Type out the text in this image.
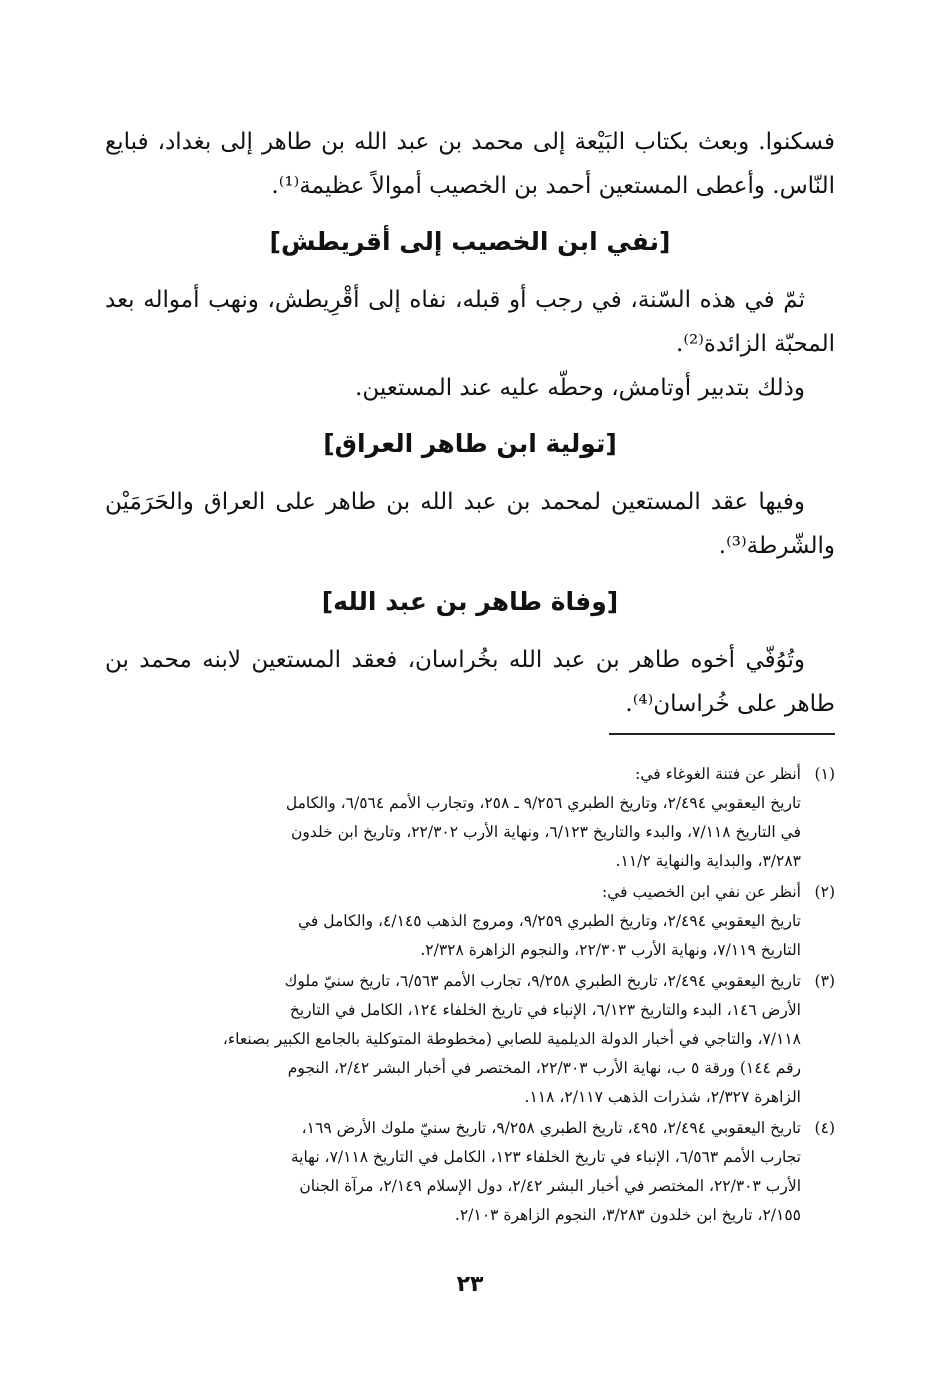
فسكنوا. وبعث بكتاب البَيْعة إلى محمد بن عبد الله بن طاهر إلى بغداد، فبايع النّاس. وأعطى المستعين أحمد بن الخصيب أموالاً عظيمة⁽¹⁾.

[نفي ابن الخصيب إلى أقريطش]

ثمّ في هذه السّنة، في رجب أو قبله، نفاه إلى أقْرِيطش، ونهب أمواله بعد المحبّة الزائدة⁽²⁾.

وذلك بتدبير أوتامش، وحطّه عليه عند المستعين.

[تولية ابن طاهر العراق]

وفيها عقد المستعين لمحمد بن عبد الله بن طاهر على العراق والحَرَمَيْن والشّرطة⁽³⁾.

[وفاة طاهر بن عبد الله]

وتُوُفّي أخوه طاهر بن عبد الله بخُراسان، فعقد المستعين لابنه محمد بن طاهر على خُراسان⁽⁴⁾.

(١)
أنظر عن فتنة الغوغاء في:
تاريخ اليعقوبي ٢/٤٩٤، وتاريخ الطبري ٩/٢٥٦ ـ ٢٥٨، وتجارب الأمم ٦/٥٦٤، والكامل
في التاريخ ٧/١١٨، والبدء والتاريخ ٦/١٢٣، ونهاية الأرب ٢٢/٣٠٢، وتاريخ ابن خلدون
٣/٢٨٣، والبداية والنهاية ١١/٢.
(٢)
أنظر عن نفي ابن الخصيب في:
تاريخ اليعقوبي ٢/٤٩٤، وتاريخ الطبري ٩/٢٥٩، ومروج الذهب ٤/١٤٥، والكامل في
التاريخ ٧/١١٩، ونهاية الأرب ٢٢/٣٠٣، والنجوم الزاهرة ٢/٣٢٨.
(٣)
تاريخ اليعقوبي ٢/٤٩٤، تاريخ الطبري ٩/٢٥٨، تجارب الأمم ٦/٥٦٣، تاريخ سنيّ ملوك
الأرض ١٤٦، البدء والتاريخ ٦/١٢٣، الإنباء في تاريخ الخلفاء ١٢٤، الكامل في التاريخ
٧/١١٨، والتاجي في أخبار الدولة الديلمية للصابي (مخطوطة المتوكلية بالجامع الكبير بصنعاء،
رقم ١٤٤) ورقة ٥ ب، نهاية الأرب ٢٢/٣٠٣، المختصر في أخبار البشر ٢/٤٢، النجوم
الزاهرة ٢/٣٢٧، شذرات الذهب ٢/١١٧، ١١٨.
(٤)
تاريخ اليعقوبي ٢/٤٩٤، ٤٩٥، تاريخ الطبري ٩/٢٥٨، تاريخ سنيّ ملوك الأرض ١٦٩،
تجارب الأمم ٦/٥٦٣، الإنباء في تاريخ الخلفاء ١٢٣، الكامل في التاريخ ٧/١١٨، نهاية
الأرب ٢٢/٣٠٣، المختصر في أخبار البشر ٢/٤٢، دول الإسلام ٢/١٤٩، مرآة الجنان
٢/١٥٥، تاريخ ابن خلدون ٣/٢٨٣، النجوم الزاهرة ٢/١٠٣.
٢٣
